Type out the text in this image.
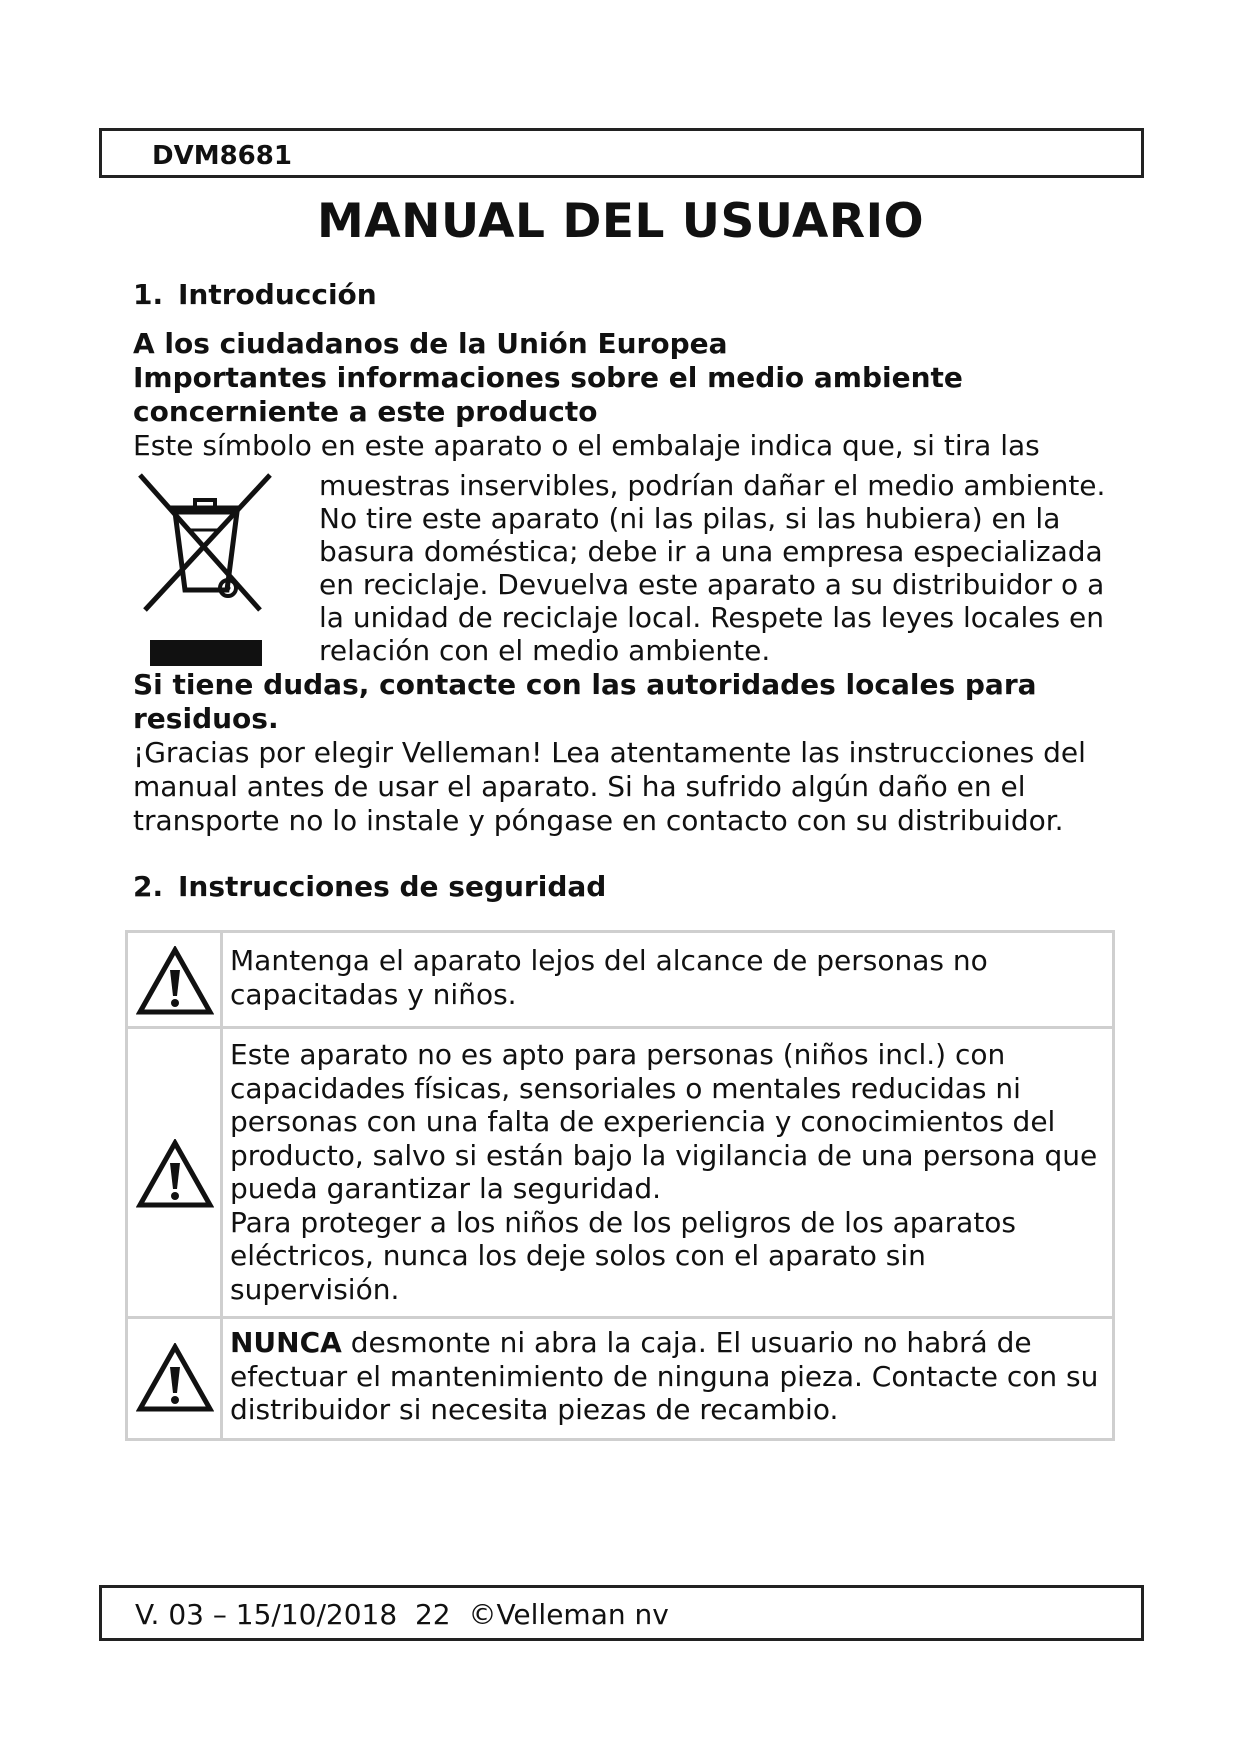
DVM8681
MANUAL DEL USUARIO
1. Introducción
A los ciudadanos de la Unión Europea
Importantes informaciones sobre el medio ambiente
concerniente a este producto
Este símbolo en este aparato o el embalaje indica que, si tira las
muestras inservibles, podrían dañar el medio ambiente.
No tire este aparato (ni las pilas, si las hubiera) en la
basura doméstica; debe ir a una empresa especializada
en reciclaje. Devuelva este aparato a su distribuidor o a
la unidad de reciclaje local. Respete las leyes locales en
relación con el medio ambiente.
Si tiene dudas, contacte con las autoridades locales para
residuos.
¡Gracias por elegir Velleman! Lea atentamente las instrucciones del
manual antes de usar el aparato. Si ha sufrido algún daño en el
transporte no lo instale y póngase en contacto con su distribuidor.
2. Instrucciones de seguridad
Mantenga el aparato lejos del alcance de personas no
capacitadas y niños.
Este aparato no es apto para personas (niños incl.) con
capacidades físicas, sensoriales o mentales reducidas ni
personas con una falta de experiencia y conocimientos del
producto, salvo si están bajo la vigilancia de una persona que
pueda garantizar la seguridad.
Para proteger a los niños de los peligros de los aparatos
eléctricos, nunca los deje solos con el aparato sin
supervisión.
NUNCA desmonte ni abra la caja. El usuario no habrá de
efectuar el mantenimiento de ninguna pieza. Contacte con su
distribuidor si necesita piezas de recambio.
V. 03 – 15/10/2018 22 ©Velleman nv
